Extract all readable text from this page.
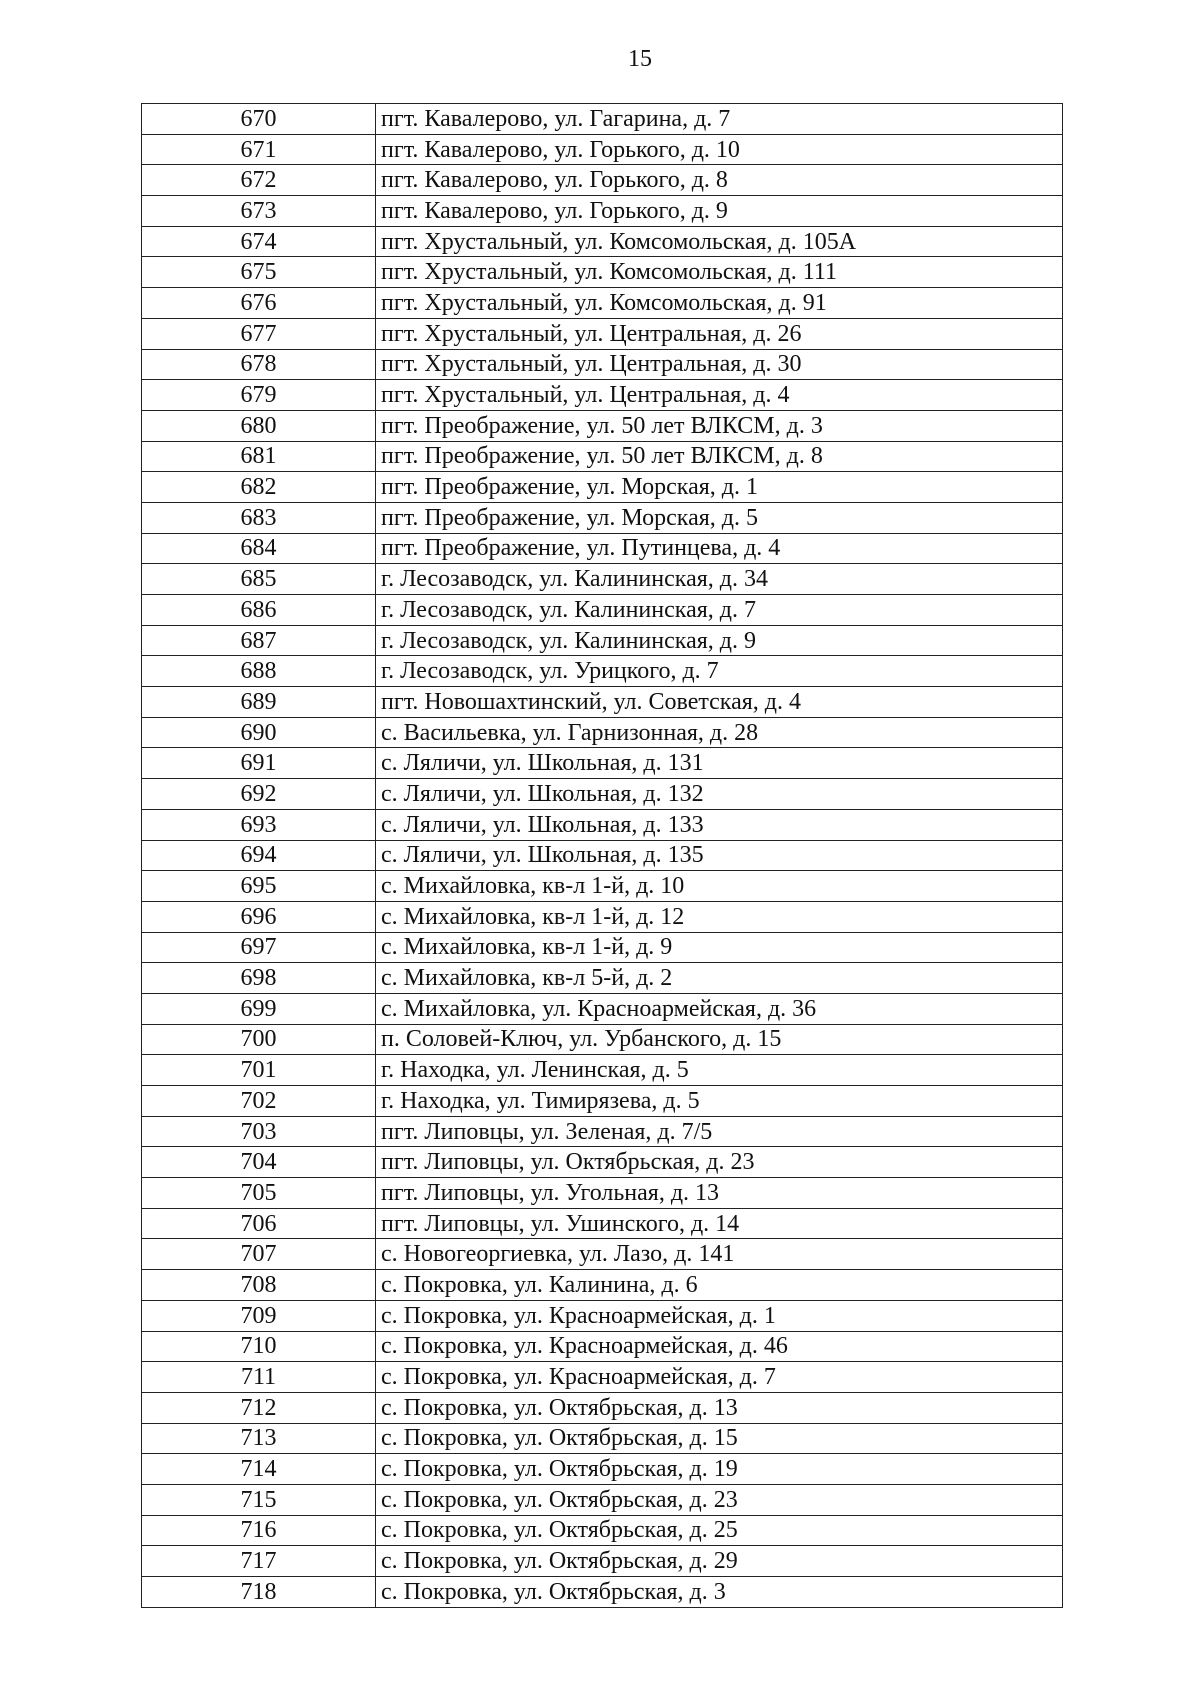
15
670	пгт. Кавалерово, ул. Гагарина, д. 7
671	пгт. Кавалерово, ул. Горького, д. 10
672	пгт. Кавалерово, ул. Горького, д. 8
673	пгт. Кавалерово, ул. Горького, д. 9
674	пгт. Хрустальный, ул. Комсомольская, д. 105А
675	пгт. Хрустальный, ул. Комсомольская, д. 111
676	пгт. Хрустальный, ул. Комсомольская, д. 91
677	пгт. Хрустальный, ул. Центральная, д. 26
678	пгт. Хрустальный, ул. Центральная, д. 30
679	пгт. Хрустальный, ул. Центральная, д. 4
680	пгт. Преображение, ул. 50 лет ВЛКСМ, д. 3
681	пгт. Преображение, ул. 50 лет ВЛКСМ, д. 8
682	пгт. Преображение, ул. Морская, д. 1
683	пгт. Преображение, ул. Морская, д. 5
684	пгт. Преображение, ул. Путинцева, д. 4
685	г. Лесозаводск, ул. Калининская, д. 34
686	г. Лесозаводск, ул. Калининская, д. 7
687	г. Лесозаводск, ул. Калининская, д. 9
688	г. Лесозаводск, ул. Урицкого, д. 7
689	пгт. Новошахтинский, ул. Советская, д. 4
690	с. Васильевка, ул. Гарнизонная, д. 28
691	с. Ляличи, ул. Школьная, д. 131
692	с. Ляличи, ул. Школьная, д. 132
693	с. Ляличи, ул. Школьная, д. 133
694	с. Ляличи, ул. Школьная, д. 135
695	с. Михайловка, кв-л 1-й, д. 10
696	с. Михайловка, кв-л 1-й, д. 12
697	с. Михайловка, кв-л 1-й, д. 9
698	с. Михайловка, кв-л 5-й, д. 2
699	с. Михайловка, ул. Красноармейская, д. 36
700	п. Соловей-Ключ, ул. Урбанского, д. 15
701	г. Находка, ул. Ленинская, д. 5
702	г. Находка, ул. Тимирязева, д. 5
703	пгт. Липовцы, ул. Зеленая, д. 7/5
704	пгт. Липовцы, ул. Октябрьская, д. 23
705	пгт. Липовцы, ул. Угольная, д. 13
706	пгт. Липовцы, ул. Ушинского, д. 14
707	с. Новогеоргиевка, ул. Лазо, д. 141
708	с. Покровка, ул. Калинина, д. 6
709	с. Покровка, ул. Красноармейская, д. 1
710	с. Покровка, ул. Красноармейская, д. 46
711	с. Покровка, ул. Красноармейская, д. 7
712	с. Покровка, ул. Октябрьская, д. 13
713	с. Покровка, ул. Октябрьская, д. 15
714	с. Покровка, ул. Октябрьская, д. 19
715	с. Покровка, ул. Октябрьская, д. 23
716	с. Покровка, ул. Октябрьская, д. 25
717	с. Покровка, ул. Октябрьская, д. 29
718	с. Покровка, ул. Октябрьская, д. 3
